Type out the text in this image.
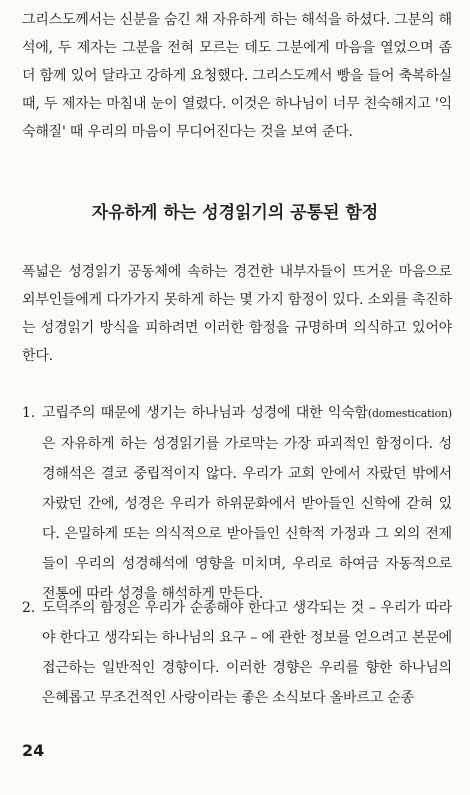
그리스도께서는 신분을 숨긴 채 자유하게 하는 해석을 하셨다. 그분의 해석에, 두 제자는 그분을 전혀 모르는 데도 그분에게 마음을 열었으며 좀 더 함께 있어 달라고 강하게 요청했다. 그리스도께서 빵을 들어 축복하실 때, 두 제자는 마침내 눈이 열렸다. 이것은 하나님이 너무 친숙해지고 '익숙해질' 때 우리의 마음이 무디어진다는 것을 보여 준다.

자유하게 하는 성경읽기의 공통된 함정

폭넓은 성경읽기 공동체에 속하는 경건한 내부자들이 뜨거운 마음으로 외부인들에게 다가가지 못하게 하는 몇 가지 함정이 있다. 소외를 촉진하는 성경읽기 방식을 피하려면 이러한 함정을 규명하며 의식하고 있어야 한다.

1. 고립주의 때문에 생기는 하나님과 성경에 대한 익숙함(domestication)은 자유하게 하는 성경읽기를 가로막는 가장 파괴적인 함정이다. 성경해석은 결코 중립적이지 않다. 우리가 교회 안에서 자랐던 밖에서 자랐던 간에, 성경은 우리가 하위문화에서 받아들인 신학에 갇혀 있다. 은밀하게 또는 의식적으로 받아들인 신학적 가정과 그 외의 전제들이 우리의 성경해석에 영향을 미치며, 우리로 하여금 자동적으로 전통에 따라 성경을 해석하게 만든다.
2. 도덕주의 함정은 우리가 순종해야 한다고 생각되는 것 – 우리가 따라야 한다고 생각되는 하나님의 요구 – 에 관한 정보를 얻으려고 본문에 접근하는 일반적인 경향이다. 이러한 경향은 우리를 향한 하나님의 은혜롭고 무조건적인 사랑이라는 좋은 소식보다 올바르고 순종

24
